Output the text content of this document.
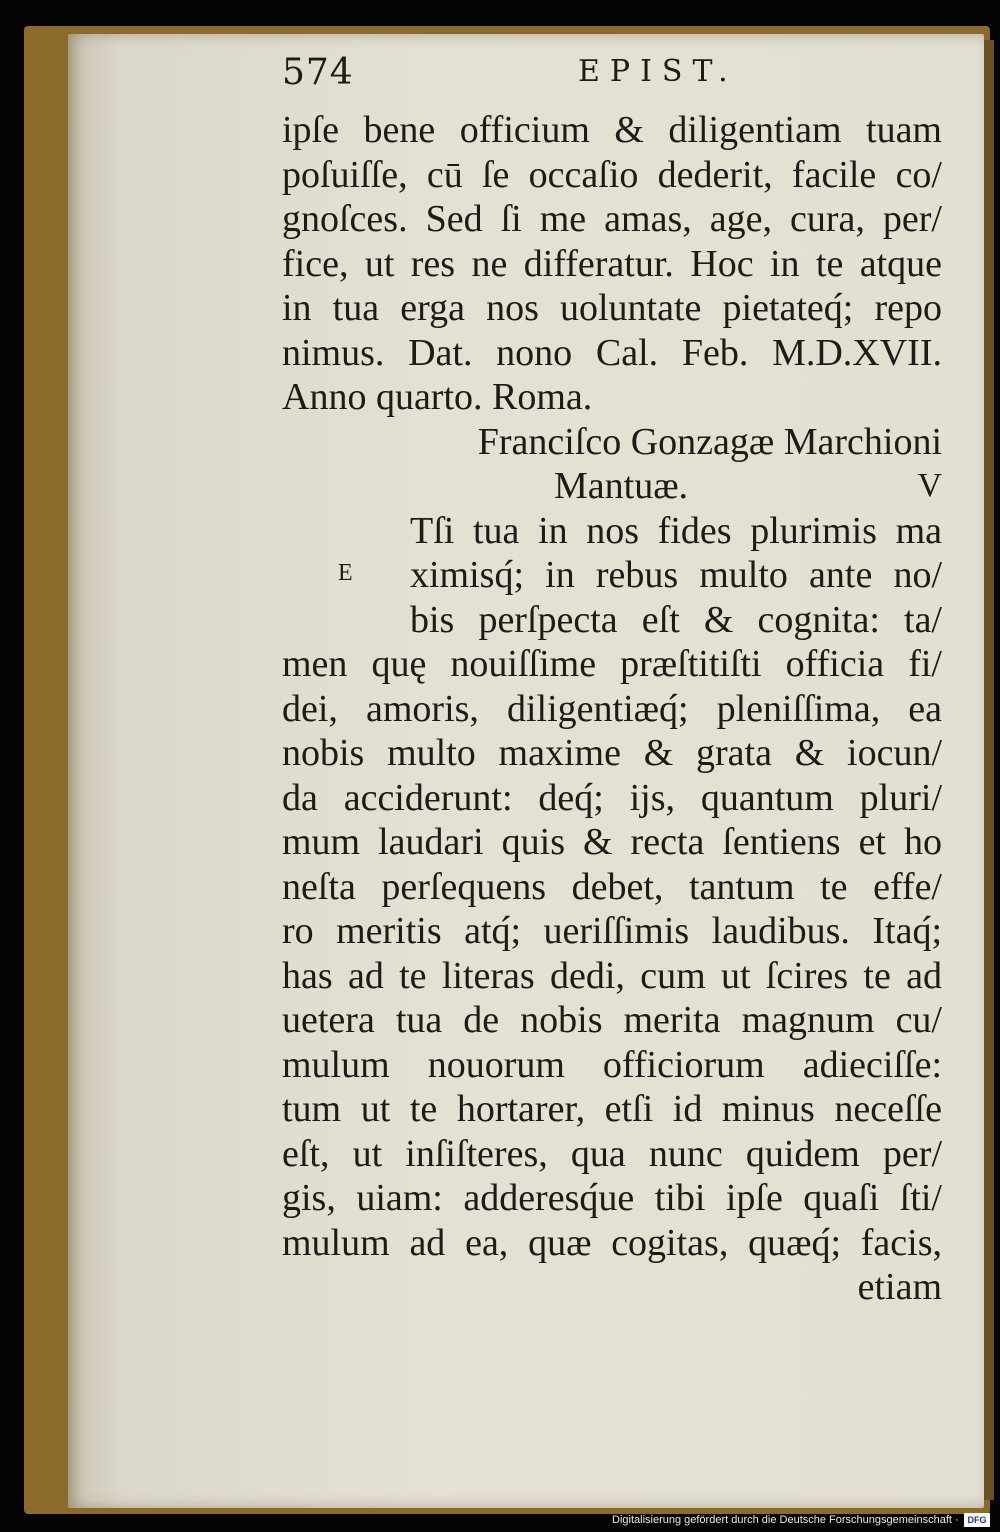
574	EPIST.
ipſe bene officium & diligentiam tuam
poſuiſſe, cū ſe occaſio dederit, facile co/
gnoſces. Sed ſi me amas, age, cura, per/
fice, ut res ne differatur. Hoc in te atque
in tua erga nos uoluntate pietateq́; repo
nimus. Dat. nono Cal. Feb. M.D.XVII.
Anno quarto. Roma.
Franciſco Gonzagæ Marchioni
Mantuæ.	V
Tſi tua in nos fides plurimis ma
ximisq́; in rebus multo ante no/
bis perſpecta eſt & cognita: ta/
men quę nouiſſime præſtitiſti officia fi/
dei, amoris, diligentiæq́; pleniſſima, ea
nobis multo maxime & grata & iocun/
da acciderunt: deq́; ijs, quantum pluri/
mum laudari quis & recta ſentiens et ho
neſta perſequens debet, tantum te effe/
ro meritis atq́; ueriſſimis laudibus. Itaq́;
has ad te literas dedi, cum ut ſcires te ad
uetera tua de nobis merita magnum cu/
mulum nouorum officiorum adieciſſe:
tum ut te hortarer, etſi id minus neceſſe
eſt, ut inſiſteres, qua nunc quidem per/
gis, uiam: adderesq́ue tibi ipſe quaſi ſti/
mulum ad ea, quæ cogitas, quæq́; facis,
etiam
E
Digitalisierung gefördert durch die Deutsche Forschungsgemeinschaft · DFG
